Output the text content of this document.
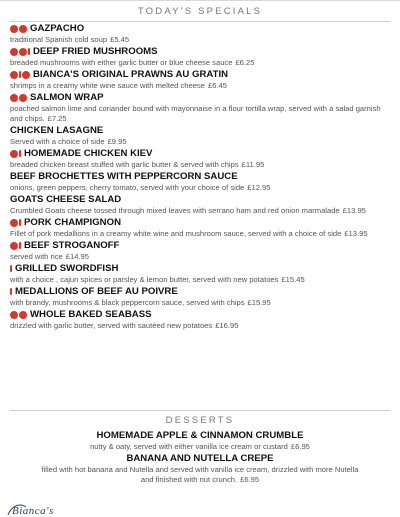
TODAY'S SPECIALS
GAZPACHO
traditional Spanish cold soup £5.45
DEEP FRIED MUSHROOMS
breaded mushrooms with either garlic butter or blue cheese sauce £6.25
BIANCA'S ORIGINAL PRAWNS AU GRATIN
shrimps in a creamy white wine sauce with melted cheese £6.45
SALMON WRAP
poached salmon lime and coriander bound with mayonnaise in a flour tortilla wrap, served with a salad garnish and chips. £7.25
CHICKEN LASAGNE
Served with a choice of side £9.95
HOMEMADE CHICKEN KIEV
breaded chicken breast stuffed with garlic butter & served with chips £11.95
BEEF BROCHETTES WITH PEPPERCORN SAUCE
onions, green peppers, cherry tomato, served with your choice of side £12.95
GOATS CHEESE SALAD
Crumbled Goats cheese tossed through mixed leaves with serrano ham and red onion marmalade £13.95
PORK CHAMPIGNON
Fillet of pork medallions in a creamy white wine and mushroom sauce, served with a choice of side £13.95
BEEF STROGANOFF
served with rice £14.95
GRILLED SWORDFISH
with a choice , cajun spices or parsley & lemon butter, served with new potatoes £15.45
MEDALLIONS OF BEEF AU POIVRE
with brandy, mushrooms & black peppercorn sauce, served with chips £15.95
WHOLE BAKED SEABASS
drizzled with garlic butter, served with sautéed new potatoes £16.95
DESSERTS
HOMEMADE APPLE & CINNAMON CRUMBLE
nutty & oaty, served with either vanilla ice cream or custard £6.95
BANANA AND NUTELLA CREPE
filled with hot banana and Nutella and served with vanilla ice cream, drizzled with more Nutella and finished with nut crunch. £6.95
Bianca's
